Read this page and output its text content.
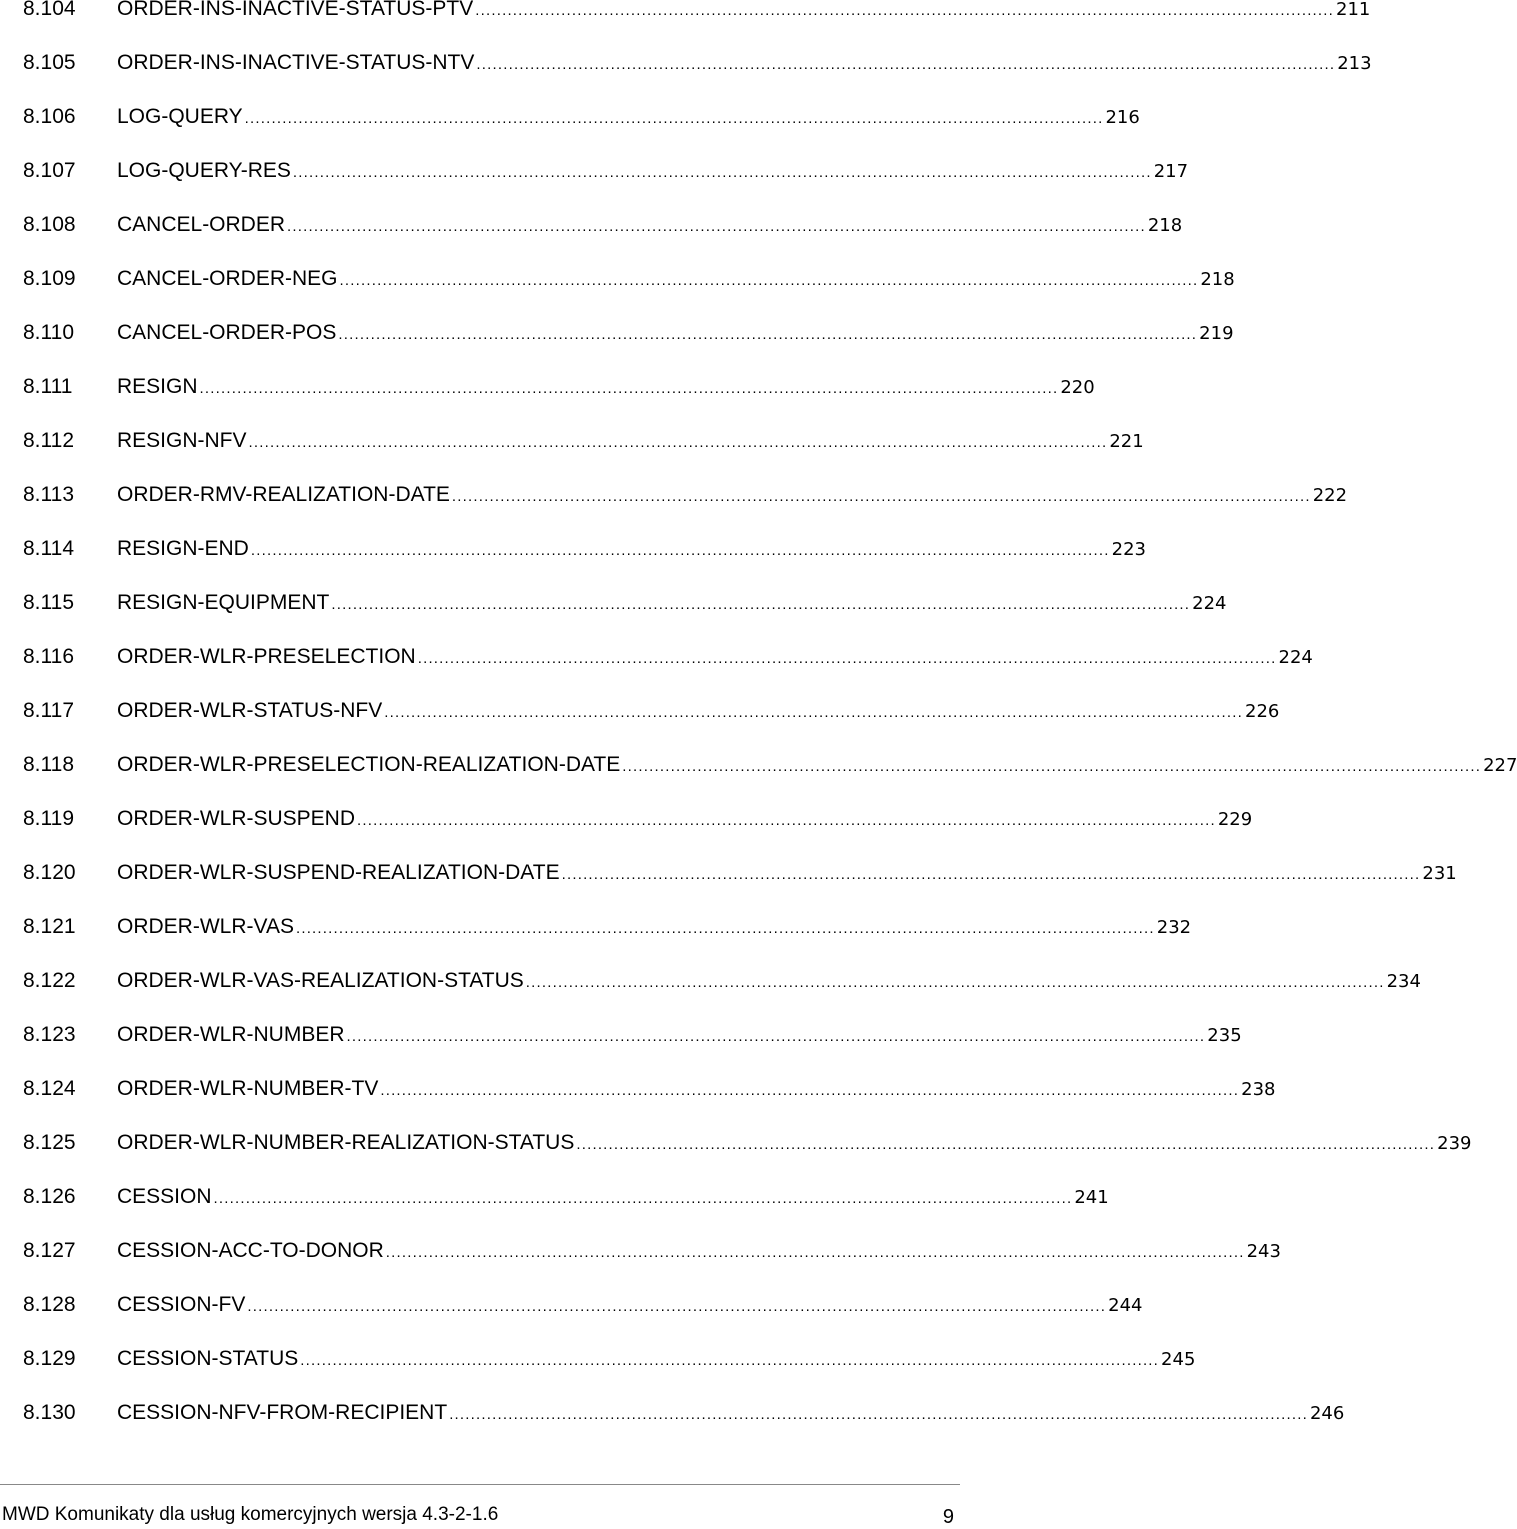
8.104 ORDER-INS-INACTIVE-STATUS-PTV ................................................................................................................................................................ 211
8.105 ORDER-INS-INACTIVE-STATUS-NTV ................................................................................................................................................................ 213
8.106 LOG-QUERY ................................................................................................................................................................ 216
8.107 LOG-QUERY-RES ................................................................................................................................................................ 217
8.108 CANCEL-ORDER ................................................................................................................................................................ 218
8.109 CANCEL-ORDER-NEG ................................................................................................................................................................ 218
8.110 CANCEL-ORDER-POS ................................................................................................................................................................ 219
8.111 RESIGN ................................................................................................................................................................ 220
8.112 RESIGN-NFV ................................................................................................................................................................ 221
8.113 ORDER-RMV-REALIZATION-DATE ................................................................................................................................................................ 222
8.114 RESIGN-END ................................................................................................................................................................ 223
8.115 RESIGN-EQUIPMENT ................................................................................................................................................................ 224
8.116 ORDER-WLR-PRESELECTION ................................................................................................................................................................ 224
8.117 ORDER-WLR-STATUS-NFV ................................................................................................................................................................ 226
8.118 ORDER-WLR-PRESELECTION-REALIZATION-DATE ................................................................................................................................................................ 227
8.119 ORDER-WLR-SUSPEND ................................................................................................................................................................ 229
8.120 ORDER-WLR-SUSPEND-REALIZATION-DATE ................................................................................................................................................................ 231
8.121 ORDER-WLR-VAS ................................................................................................................................................................ 232
8.122 ORDER-WLR-VAS-REALIZATION-STATUS ................................................................................................................................................................ 234
8.123 ORDER-WLR-NUMBER ................................................................................................................................................................ 235
8.124 ORDER-WLR-NUMBER-TV ................................................................................................................................................................ 238
8.125 ORDER-WLR-NUMBER-REALIZATION-STATUS ................................................................................................................................................................ 239
8.126 CESSION ................................................................................................................................................................ 241
8.127 CESSION-ACC-TO-DONOR ................................................................................................................................................................ 243
8.128 CESSION-FV ................................................................................................................................................................ 244
8.129 CESSION-STATUS ................................................................................................................................................................ 245
8.130 CESSION-NFV-FROM-RECIPIENT ................................................................................................................................................................ 246
MWD Komunikaty dla usług komercyjnych wersja 4.3-2-1.6	9
